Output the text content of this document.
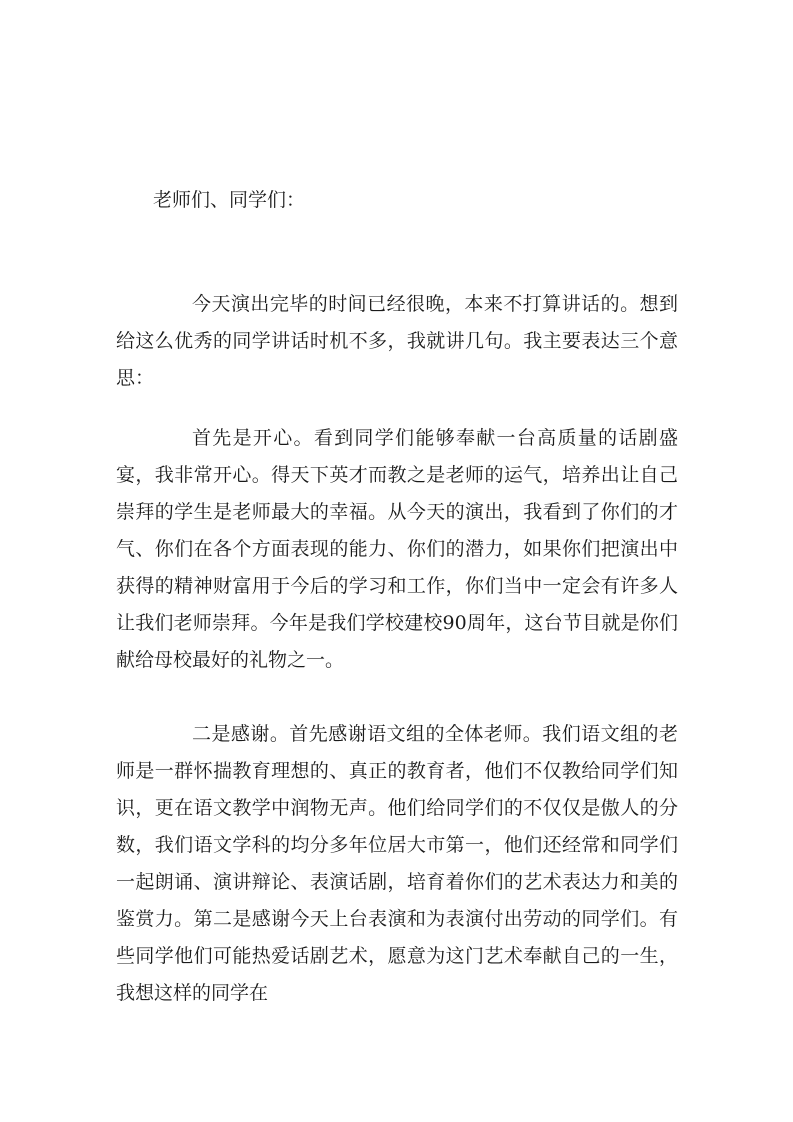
老师们、同学们：

今天演出完毕的时间已经很晚，本来不打算讲话的。想到给这么优秀的同学讲话时机不多，我就讲几句。我主要表达三个意思：

首先是开心。看到同学们能够奉献一台高质量的话剧盛宴，我非常开心。得天下英才而教之是老师的运气，培养出让自己崇拜的学生是老师最大的幸福。从今天的演出，我看到了你们的才气、你们在各个方面表现的能力、你们的潜力，如果你们把演出中获得的精神财富用于今后的学习和工作，你们当中一定会有许多人让我们老师崇拜。今年是我们学校建校90周年，这台节目就是你们献给母校最好的礼物之一。

二是感谢。首先感谢语文组的全体老师。我们语文组的老师是一群怀揣教育理想的、真正的教育者，他们不仅教给同学们知识，更在语文教学中润物无声。他们给同学们的不仅仅是傲人的分数，我们语文学科的均分多年位居大市第一，他们还经常和同学们一起朗诵、演讲辩论、表演话剧，培育着你们的艺术表达力和美的鉴赏力。第二是感谢今天上台表演和为表演付出劳动的同学们。有些同学他们可能热爱话剧艺术，愿意为这门艺术奉献自己的一生，我想这样的同学在
